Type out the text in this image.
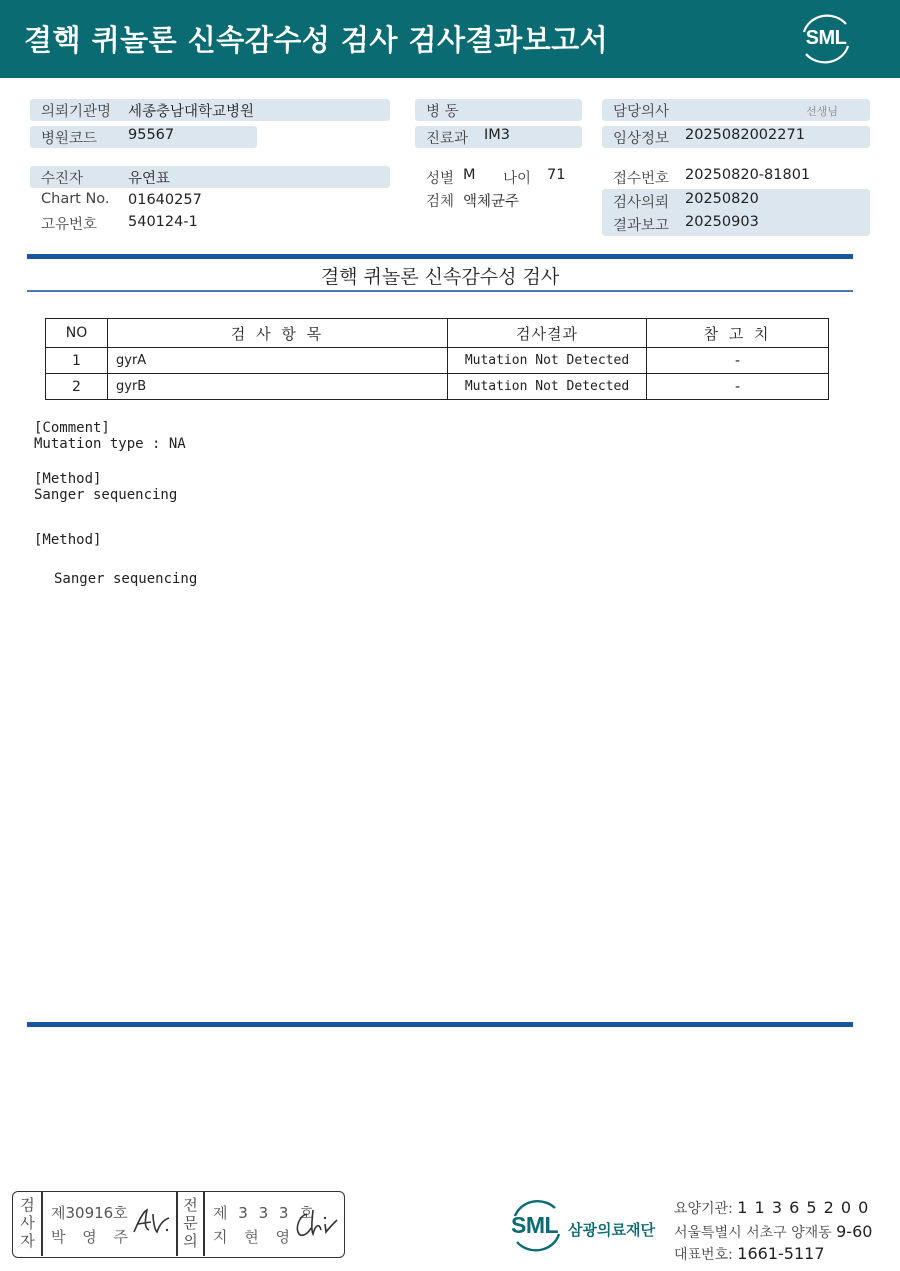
결핵 퀴놀론 신속감수성 검사 검사결과보고서	SML
의뢰기관명 세종충남대학교병원
병원코드 95567
수진자	유연표
Chart No. 01640257
고유번호 540124-1
병 동
진료과 IM3
성별 M 나이 71
검체 액체균주
담당의사	선생님
임상정보 2025082002271
접수번호 20250820-81801
검사의뢰 20250820
결과보고 20250903
결핵 퀴놀론 신속감수성 검사
NO	검 사 항 목	검사결과	참 고 치
1	gyrA	Mutation Not Detected	-
2	gyrB	Mutation Not Detected	-
[Comment]
Mutation type : NA
[Method]
Sanger sequencing
[Method]
Sanger sequencing
검
사
자
제30916호
박 영 주
전
문
의
제 3 3 3 호
지 현 영	SML 삼광의료재단
요양기관: 1 1 3 6 5 2 0 0
서울특별시 서초구 양재동 9-60
대표번호: 1661-5117
